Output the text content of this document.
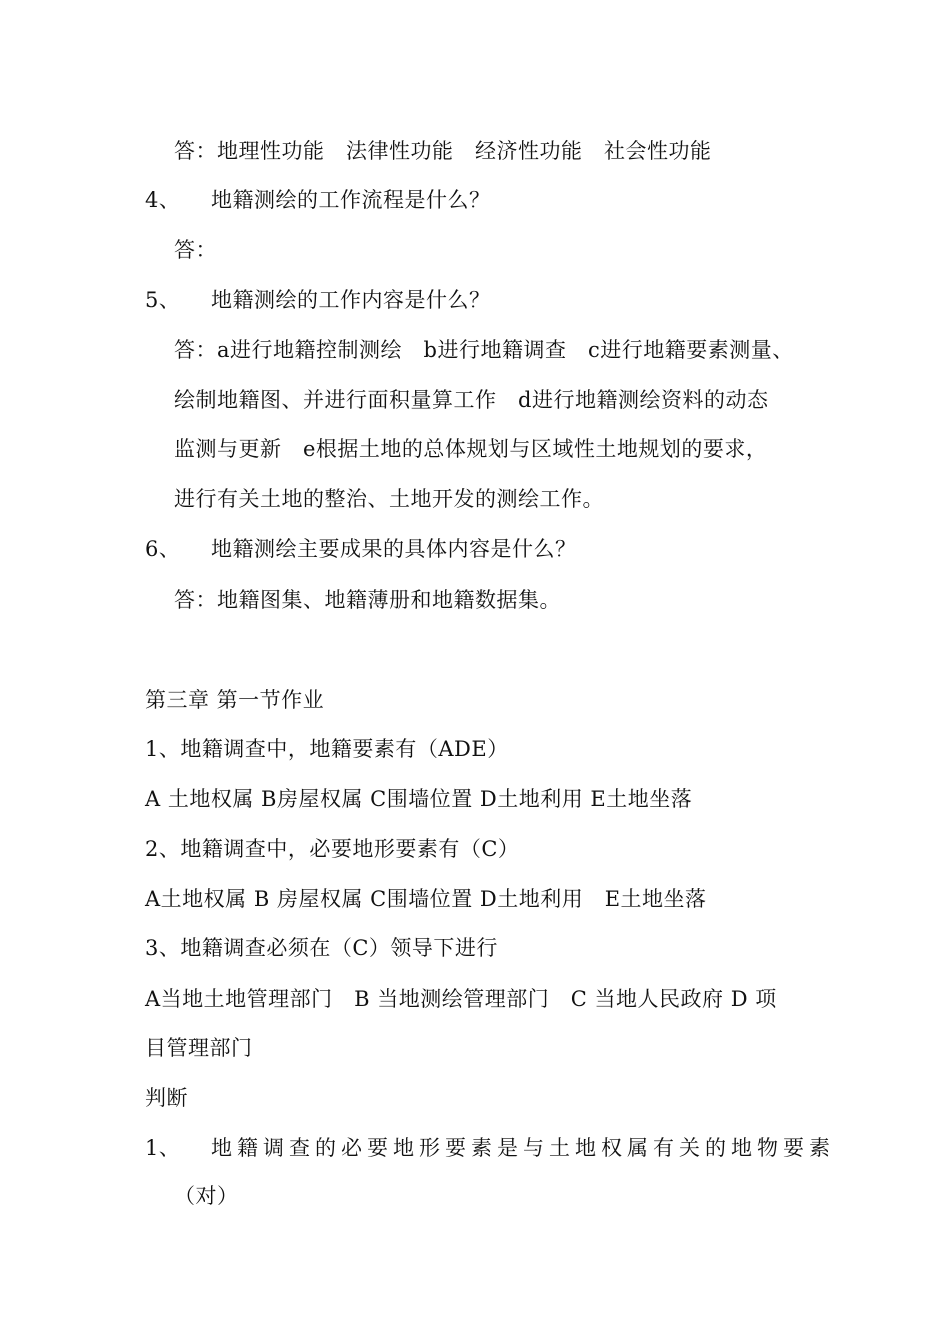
答：地理性功能　法律性功能　经济性功能　社会性功能
4、 地籍测绘的工作流程是什么？
答：
5、 地籍测绘的工作内容是什么？
答：a进行地籍控制测绘　b进行地籍调查　c进行地籍要素测量、
绘制地籍图、并进行面积量算工作　d进行地籍测绘资料的动态
监测与更新　e根据土地的总体规划与区域性土地规划的要求，
进行有关土地的整治、土地开发的测绘工作。
6、 地籍测绘主要成果的具体内容是什么？
答：地籍图集、地籍薄册和地籍数据集。
第三章 第一节作业
1、地籍调查中，地籍要素有（ADE）
A 土地权属 B房屋权属 C围墙位置 D土地利用 E土地坐落
2、地籍调查中，必要地形要素有（C）
A土地权属 B 房屋权属 C围墙位置 D土地利用　E土地坐落
3、地籍调查必须在（C）领导下进行
A当地土地管理部门　B 当地测绘管理部门　C 当地人民政府 D 项
目管理部门
判断
1、 地籍调查的必要地形要素是与土地权属有关的地物要素
（对）
